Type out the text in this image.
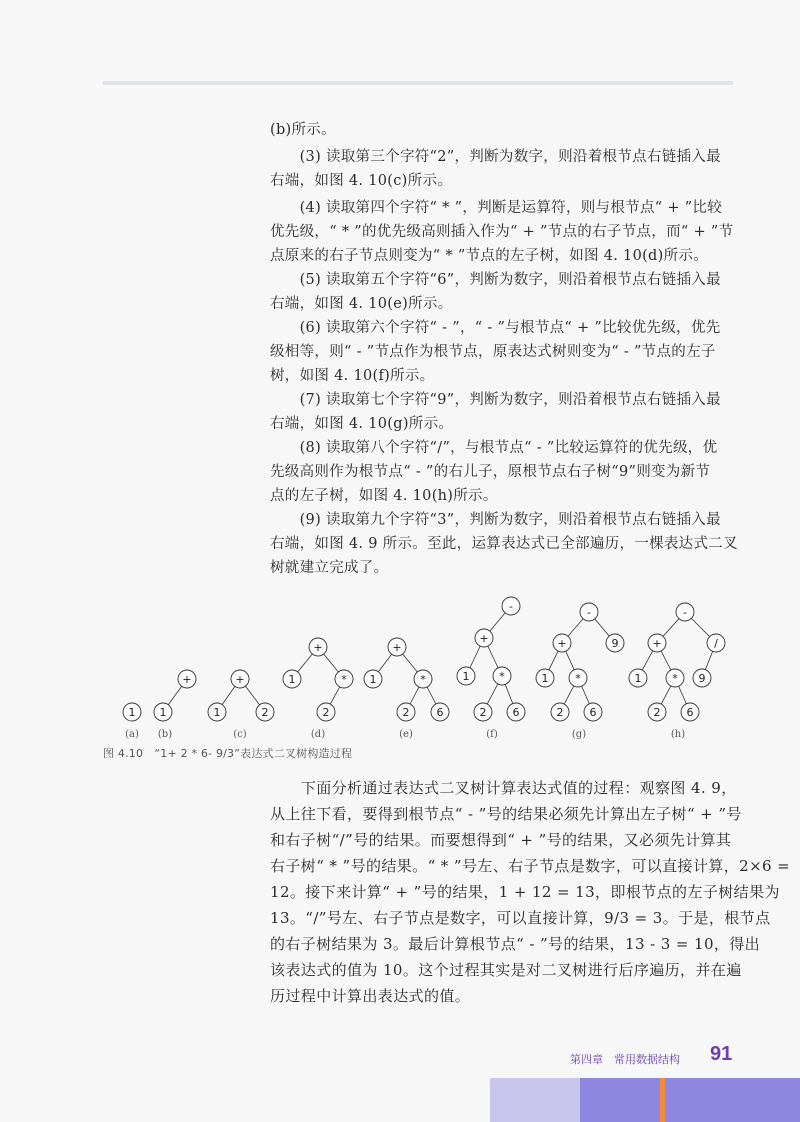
(b)所示。

　　(3) 读取第三个字符“2”，判断为数字，则沿着根节点右链插入最
右端，如图 4. 10(c)所示。

　　(4) 读取第四个字符“ * ”，判断是运算符，则与根节点“ + ”比较
优先级，“ * ”的优先级高则插入作为“ + ”节点的右子节点，而“ + ”节
点原来的右子节点则变为“ * ”节点的左子树，如图 4. 10(d)所示。

　　(5) 读取第五个字符“6”，判断为数字，则沿着根节点右链插入最
右端，如图 4. 10(e)所示。

　　(6) 读取第六个字符“ - ”，“ - ”与根节点“ + ”比较优先级，优先
级相等，则“ - ”节点作为根节点，原表达式树则变为“ - ”节点的左子
树，如图 4. 10(f)所示。

　　(7) 读取第七个字符“9”，判断为数字，则沿着根节点右链插入最
右端，如图 4. 10(g)所示。

　　(8) 读取第八个字符“/”，与根节点“ - ”比较运算符的优先级，优
先级高则作为根节点“ - ”的右儿子，原根节点右子树“9”则变为新节
点的左子树，如图 4. 10(h)所示。

　　(9) 读取第九个字符“3”，判断为数字，则沿着根节点右链插入最
右端，如图 4. 9 所示。至此，运算表达式已全部遍历，一棵表达式二叉
树就建立完成了。

1
(a)
+
1
(b)
+
1	2
(c)
+
1	*
2
(d)
+
1	*
2 6
(e)
-
+
1	*
2 6
(f)
-
+	9
1 *
2 6
(g)
-
+	/
1	* 9
2 6
(h)
图 4.10　“1+ 2 * 6- 9/3”表达式二叉树构造过程
　　下面分析通过表达式二叉树计算表达式值的过程：观察图 4. 9，
从上往下看，要得到根节点“ - ”号的结果必须先计算出左子树“ + ”号
和右子树“/”号的结果。而要想得到“ + ”号的结果，又必须先计算其
右子树“ * ”号的结果。“ * ”号左、右子节点是数字，可以直接计算，2×6 =
12。接下来计算“ + ”号的结果，1 + 12 = 13，即根节点的左子树结果为
13。“/”号左、右子节点是数字，可以直接计算，9/3 = 3。于是，根节点
的右子树结果为 3。最后计算根节点“ - ”号的结果，13 - 3 = 10，得出
该表达式的值为 10。这个过程其实是对二叉树进行后序遍历，并在遍
历过程中计算出表达式的值。
第四章　常用数据结构 91
